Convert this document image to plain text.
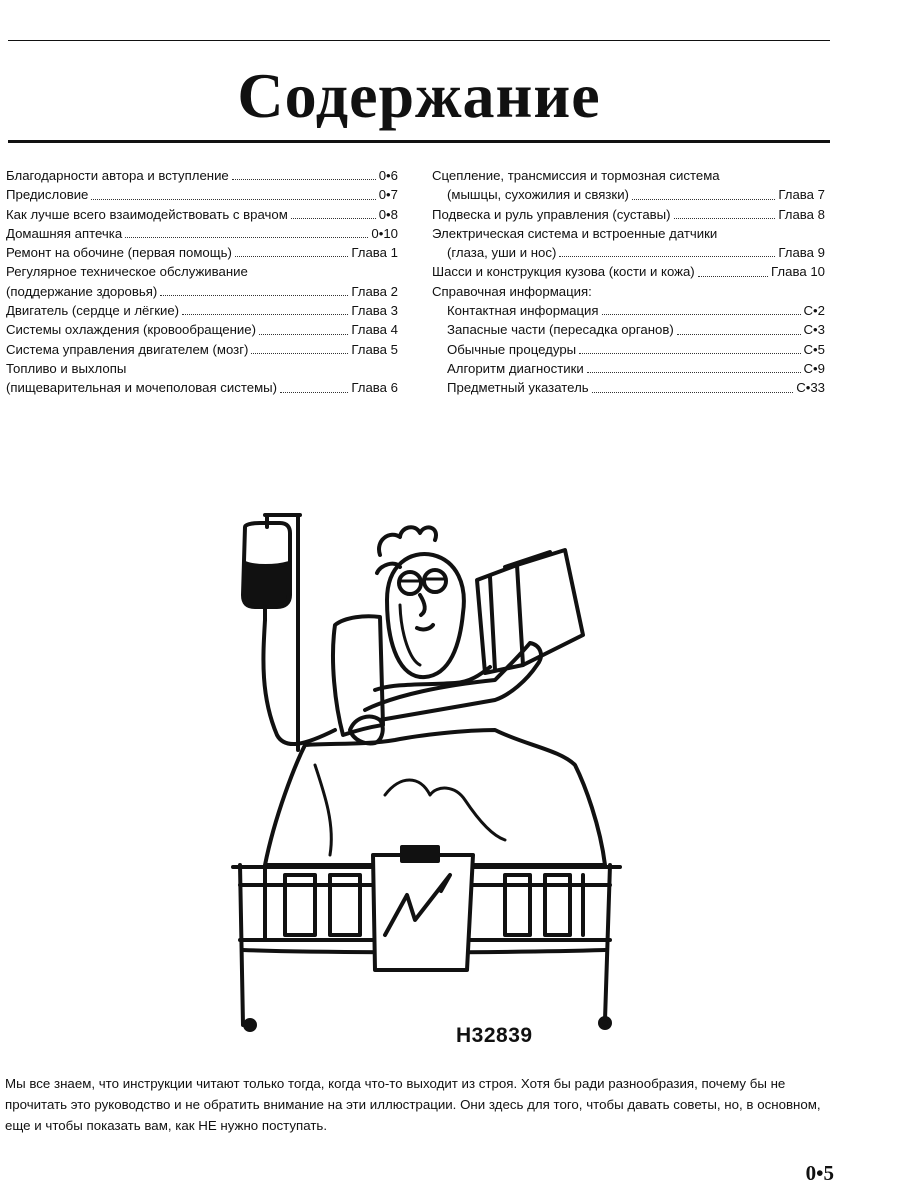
Содержание
Благодарности автора и вступление	0•6
Предисловие	0•7
Как лучше всего взаимодействовать с врачом	0•8
Домашняя аптечка	0•10
Ремонт на обочине (первая помощь)	Глава 1
Регулярное техническое обслуживание
(поддержание здоровья)	Глава 2
Двигатель (сердце и лёгкие)	Глава 3
Системы охлаждения (кровообращение)	Глава 4
Система управления двигателем (мозг)	Глава 5
Топливо и выхлопы
(пищеварительная и мочеполовая системы)	Глава 6
Сцепление, трансмиссия и тормозная система
(мышцы, сухожилия и связки)	Глава 7
Подвеска и руль управления (суставы)	Глава 8
Электрическая система и встроенные датчики
(глаза, уши и нос)	Глава 9
Шасси и конструкция кузова (кости и кожа)	Глава 10
Справочная информация:
Контактная информация	С•2
Запасные части (пересадка органов)	С•3
Обычные процедуры	С•5
Алгоритм диагностики	С•9
Предметный указатель	С•33
H32839
Мы все знаем, что инструкции читают только тогда, когда что-то выходит из строя. Хотя бы ради разнообразия, почему бы не прочитать это руководство и не обратить внимание на эти иллюстрации. Они здесь для того, чтобы давать советы, но, в основном, еще и чтобы показать вам, как НЕ нужно поступать.
0•5
